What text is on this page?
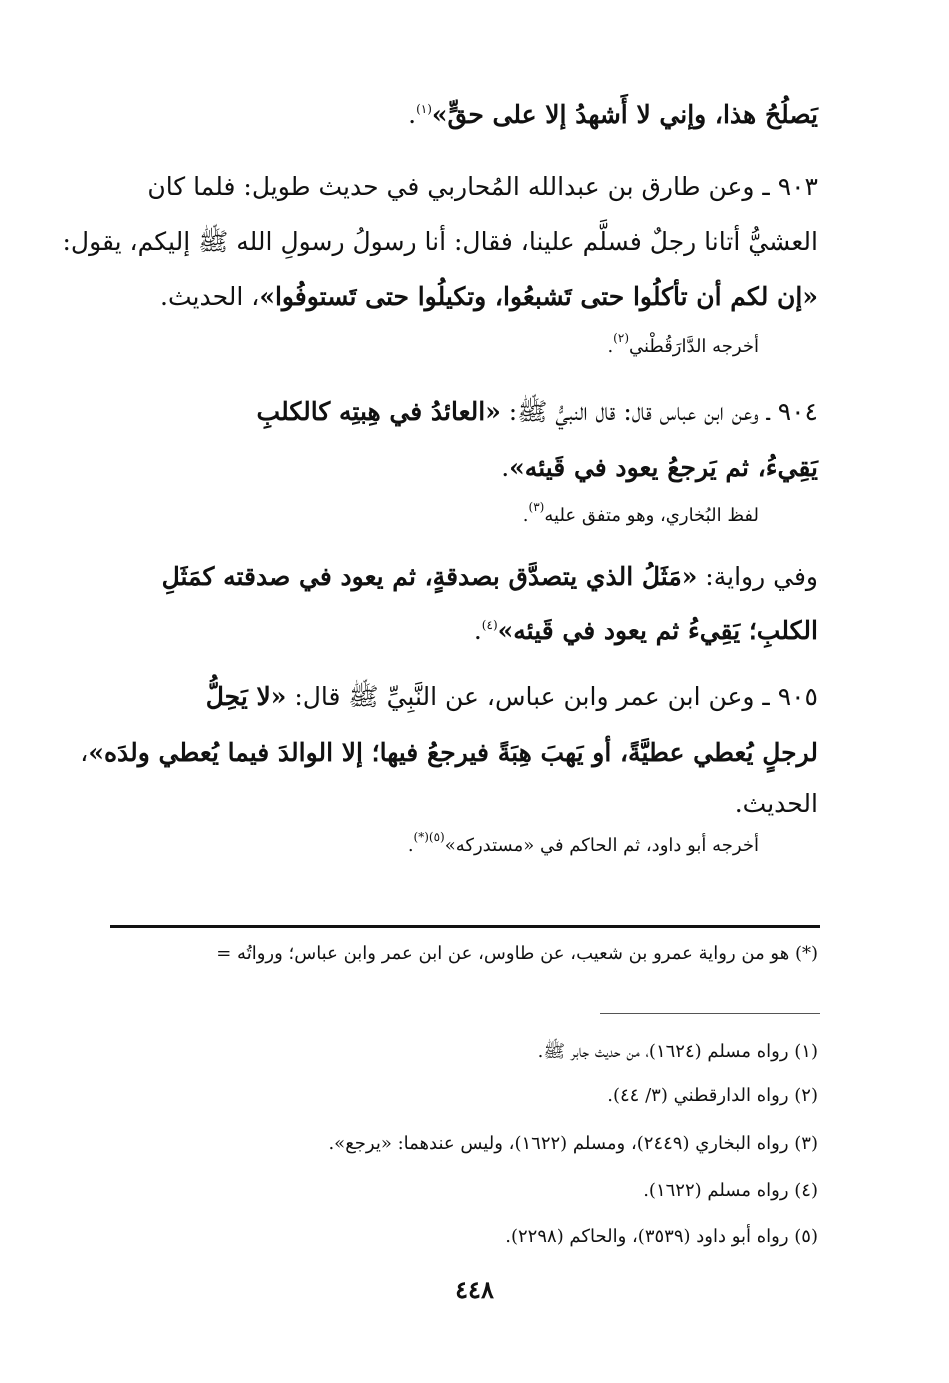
يَصلُحُ هذا، وإني لا أَشهدُ إلا على حقٍّ»$^{(١)}$.
٩٠٣ ـ وعن طارق بن عبدالله المُحاربي في حديث طويل: فلما كان
العشيُّ أتانا رجلٌ فسلَّم علينا، فقال: أنا رسولُ رسولِ الله ﷺ إليكم، يقول:
«إن لكم أن تأكلُوا حتى تَشبعُوا، وتكيلُوا حتى تَستوفُوا»، الحديث.
أخرجه الدَّارَقُطْني$^{(٢)}$.
٩٠٤ ـ وعن ابن عباس قال: قال النبيُّ ﷺ: «العائدُ في هِبتِه كالكلبِ
يَقِيءُ، ثم يَرجعُ يعود في قَيئه».
لفظ البُخاري، وهو متفق عليه$^{(٣)}$.
وفي رواية: «مَثَلُ الذي يتصدَّق بصدقةٍ، ثم يعود في صدقته كمَثَلِ
الكلبِ؛ يَقِيءُ ثم يعود في قَيئه»$^{(٤)}$.
٩٠٥ ـ وعن ابن عمر وابن عباس، عن النَّبِيِّ ﷺ قال: «لا يَحِلُّ
لرجلٍ يُعطي عطيَّةً، أو يَهبَ هِبَةً فيرجعُ فيها؛ إلا الوالدَ فيما يُعطي ولدَه»،
الحديث.
أخرجه أبو داود، ثم الحاكم في «مستدركه»$^{(٥)(*)}$.
(*) هو من رواية عمرو بن شعيب، عن طاوس، عن ابن عمر وابن عباس؛ ورواتُه =
(١) رواه مسلم (١٦٢٤)، من حديث جابر ﷺ.
(٢) رواه الدارقطني (٣/ ٤٤).
(٣) رواه البخاري (٢٤٤٩)، ومسلم (١٦٢٢)، وليس عندهما: «يرجع».
(٤) رواه مسلم (١٦٢٢).
(٥) رواه أبو داود (٣٥٣٩)، والحاكم (٢٢٩٨).
٤٤٨
